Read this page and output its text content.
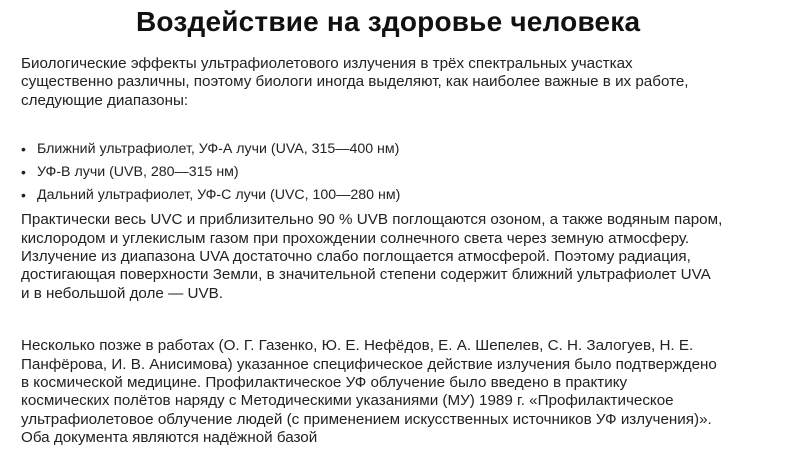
Воздействие на здоровье человека

Биологические эффекты ультрафиолетового излучения в трёх спектральных участках
существенно различны, поэтому биологи иногда выделяют, как наиболее важные в их работе,
следующие диапазоны:

• Ближний ультрафиолет, УФ-А лучи (UVA, 315—400 нм)
• УФ-В лучи (UVB, 280—315 нм)
• Дальний ультрафиолет, УФ-С лучи (UVC, 100—280 нм)

Практически весь UVC и приблизительно 90 % UVB поглощаются озоном, а также водяным паром,
кислородом и углекислым газом при прохождении солнечного света через земную атмосферу.
Излучение из диапазона UVA достаточно слабо поглощается атмосферой. Поэтому радиация,
достигающая поверхности Земли, в значительной степени содержит ближний ультрафиолет UVA
и в небольшой доле — UVB.

Несколько позже в работах (О. Г. Газенко, Ю. Е. Нефёдов, Е. А. Шепелев, С. Н. Залогуев, Н. Е.
Панфёрова, И. В. Анисимова) указанное специфическое действие излучения было подтверждено
в космической медицине. Профилактическое УФ облучение было введено в практику
космических полётов наряду с Методическими указаниями (МУ) 1989 г. «Профилактическое
ультрафиолетовое облучение людей (с применением искусственных источников УФ излучения)».
Оба документа являются надёжной базой
